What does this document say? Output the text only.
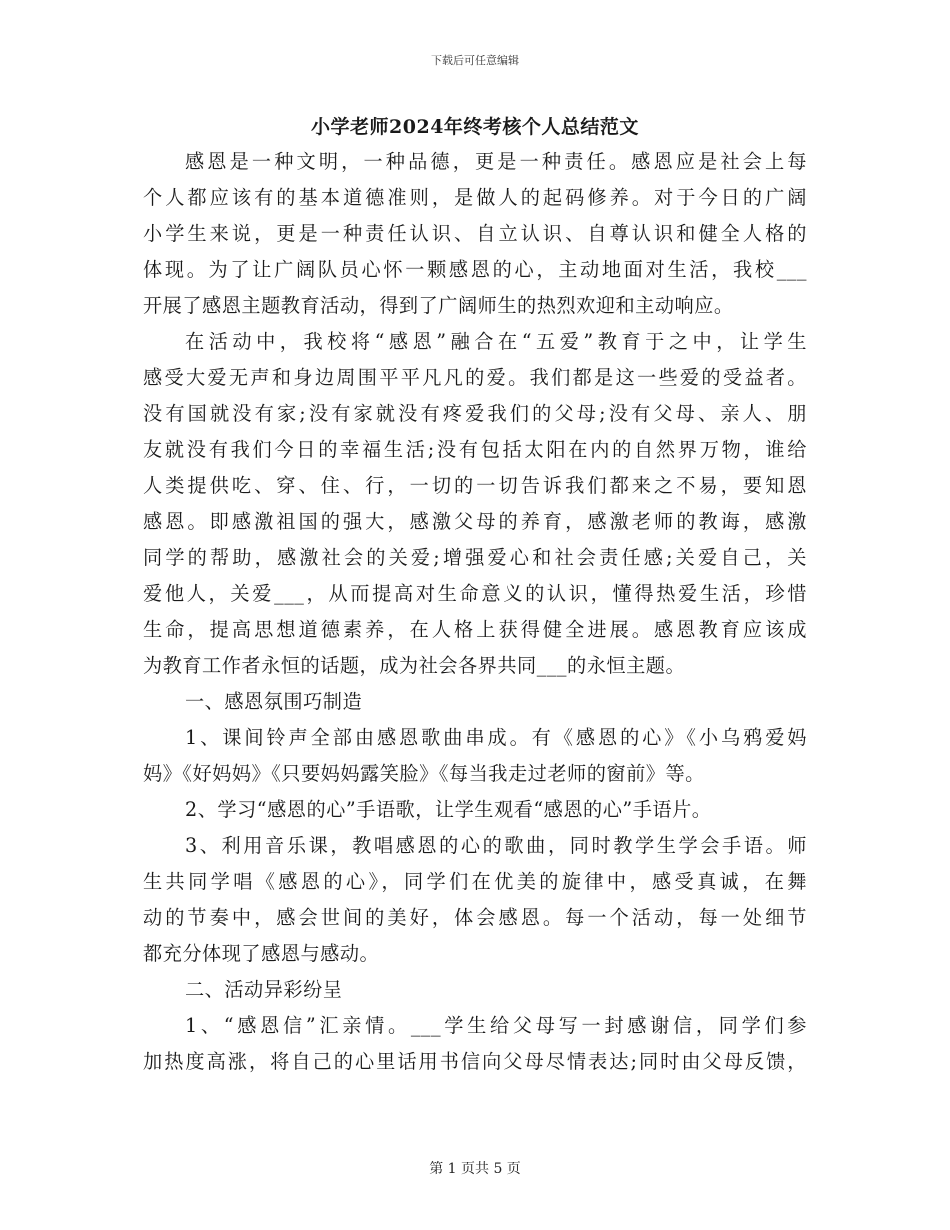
下载后可任意编辑
小学老师2024年终考核个人总结范文
感恩是一种文明，一种品德，更是一种责任。感恩应是社会上每
个人都应该有的基本道德准则，是做人的起码修养。对于今日的广阔
小学生来说，更是一种责任认识、自立认识、自尊认识和健全人格的
体现。为了让广阔队员心怀一颗感恩的心，主动地面对生活，我校___
开展了感恩主题教育活动，得到了广阔师生的热烈欢迎和主动响应。
在活动中，我校将“感恩”融合在“五爱”教育于之中，让学生
感受大爱无声和身边周围平平凡凡的爱。我们都是这一些爱的受益者。
没有国就没有家;没有家就没有疼爱我们的父母;没有父母、亲人、朋
友就没有我们今日的幸福生活;没有包括太阳在内的自然界万物，谁给
人类提供吃、穿、住、行，一切的一切告诉我们都来之不易，要知恩
感恩。即感激祖国的强大，感激父母的养育，感激老师的教诲，感激
同学的帮助，感激社会的关爱;增强爱心和社会责任感;关爱自己，关
爱他人，关爱___，从而提高对生命意义的认识，懂得热爱生活，珍惜
生命，提高思想道德素养，在人格上获得健全进展。感恩教育应该成
为教育工作者永恒的话题，成为社会各界共同___的永恒主题。
一、感恩氛围巧制造
1、课间铃声全部由感恩歌曲串成。有《感恩的心》《小乌鸦爱妈
妈》《好妈妈》《只要妈妈露笑脸》《每当我走过老师的窗前》等。
2、学习“感恩的心”手语歌，让学生观看“感恩的心”手语片。
3、利用音乐课，教唱感恩的心的歌曲，同时教学生学会手语。师
生共同学唱《感恩的心》，同学们在优美的旋律中，感受真诚，在舞
动的节奏中，感会世间的美好，体会感恩。每一个活动，每一处细节
都充分体现了感恩与感动。
二、活动异彩纷呈
1、“感恩信”汇亲情。___学生给父母写一封感谢信，同学们参
加热度高涨，将自己的心里话用书信向父母尽情表达;同时由父母反馈，
第 1 页共 5 页
